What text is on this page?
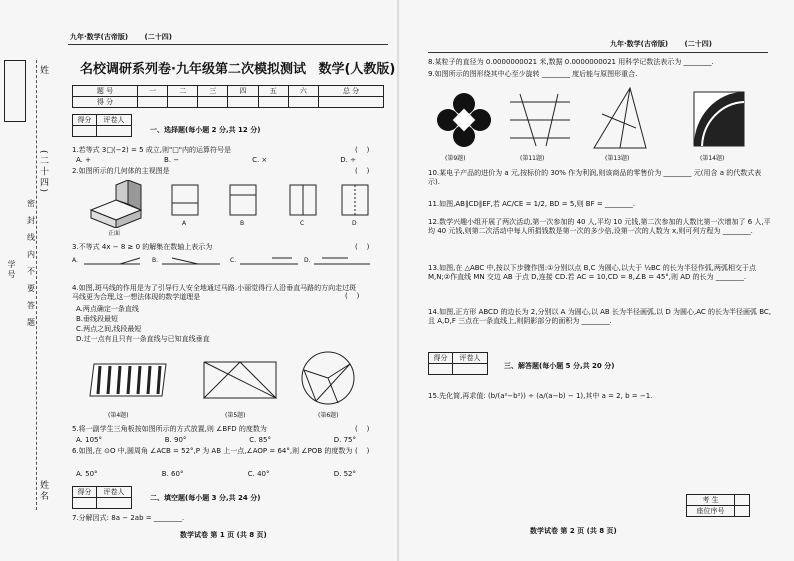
九年·数学(古帝版) (二十四)
姓
(二十四)
学号
密
封
线
内
不
要
答
题
姓名
名校调研系列卷·九年级第二次模拟测试 数学(人教版)
题 号	一	二	三	四	五	六	总 分
得 分							
得分	评卷人

一、选择题(每小题 2 分,共 12 分)
1.若等式 3□(−2) = 5 成立,则"□"内的运算符号是	(    )
A. +	B. −	C. ×	D. ÷
2.如图所示的几何体的主视图是	(    )
正面
A	B	C	D
3.不等式 4x − 8 ≥ 0 的解集在数轴上表示为	(    )
A.	B.	C.	D.
4.如图,斑马线的作用是为了引导行人安全地通过马路.小丽觉得行人沿垂直马路的方向走过斑马线更为合理,这一想法体现的数学道理是	(    )
A.两点确定一条直线
B.垂线段最短
C.两点之间,线段最短
D.过一点有且只有一条直线与已知直线垂直
(第4题)	(第5题)	(第6题)
5.将一副学生三角板按如图所示的方式放置,则 ∠BFD 的度数为	(    )
A. 105°	B. 90°	C. 85°	D. 75°
6.如图,在 ⊙O 中,圆周角 ∠ACB = 52°,P 为 AB 上一点,∠AOP = 64°,则 ∠POB 的度数为 (    )
A. 50°	B. 60°	C. 40°	D. 52°
得分	评卷人

二、填空题(每小题 3 分,共 24 分)
7.分解因式: 8a − 2ab = ________.
数学试卷 第 1 页 (共 8 页)
九年·数学(古帝版) (二十四)
8.某粒子的直径为 0.0000000021 米,数据 0.0000000021 用科学记数法表示为 ________.
9.如图所示的图形绕其中心至少旋转 ________ 度后能与原图形重合.
(第9题)	(第11题)	(第13题)	(第14题)
10.某电子产品的进价为 a 元,按标价的 30% 作为利润,则该商品的零售价为 ________ 元(用含 a 的代数式表示).
11.如图,AB∥CD∥EF,若 AC/CE = 1/2, BD = 5,则 BF = ________.
12.数学兴趣小组开展了两次活动,第一次参加的 40 人,平均 10 元钱,第二次参加的人数比第一次增加了 6 人,平均 40 元钱,则第二次活动中每人所捐钱数是第一次的多少倍,设第一次的人数为 x,则可列方程为 ________.
13.如图,在 △ABC 中,按以下步骤作图:①分别以点 B,C 为圆心,以大于 ½BC 的长为半径作弧,两弧相交于点 M,N;②作直线 MN 交边 AB 于点 D,连接 CD.若 AC = 10,CD = 8,∠B = 45°,则 AD 的长为 ________.
14.如图,正方形 ABCD 的边长为 2,分别以 A 为圆心,以 AB 长为半径画弧,以 D 为圆心,AC 的长为半径画弧 BC,且 A,D,F 三点在一条直线上,则阴影部分的面积为 ________.
得分	评卷人

三、解答题(每小题 5 分,共 20 分)
15.先化简,再求值: (b/(a²−b²)) ÷ (a/(a−b) − 1),其中 a = 2, b = −1.
考 生	
座位序号	
数学试卷 第 2 页 (共 8 页)
